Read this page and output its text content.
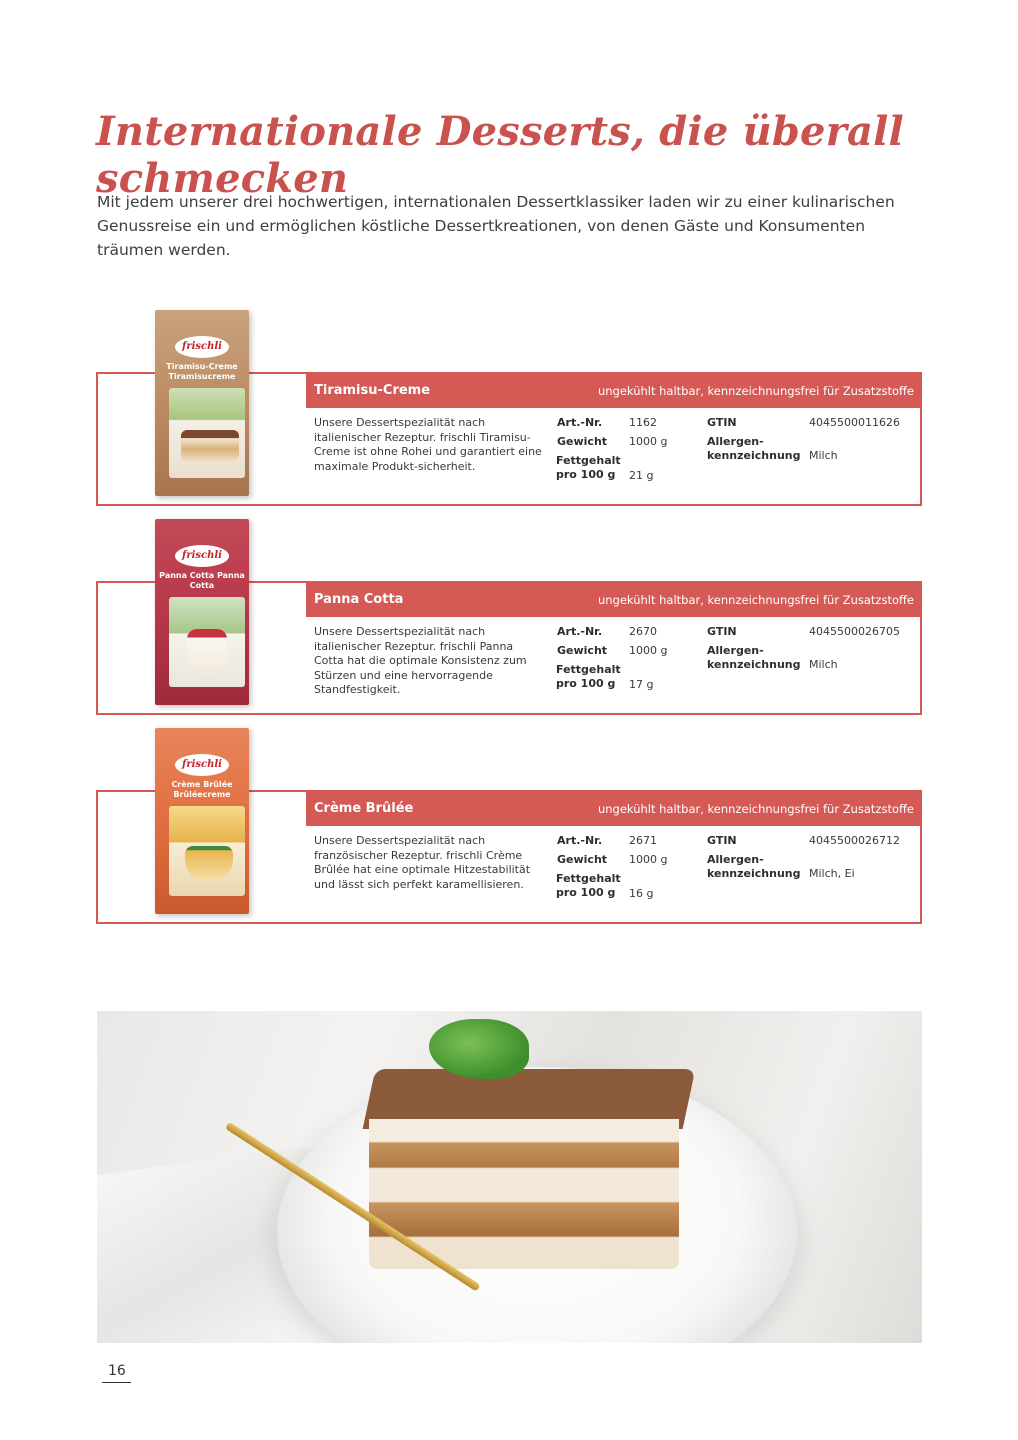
Internationale Desserts, die überall schmecken

Mit jedem unserer drei hochwertigen, internationalen Dessertklassiker laden wir zu einer kulinarischen Genussreise ein und ermöglichen köstliche Dessertkreationen, von denen Gäste und Konsumenten träumen werden.

frischli
Tiramisu-Creme Tiramisucreme
Tiramisu-Creme	ungekühlt haltbar, kennzeichnungsfrei für Zusatzstoffe
Unsere Dessertspezialität nach italienischer Rezeptur. frischli Tiramisu-Creme ist ohne Rohei und garantiert eine maximale Produkt-sicherheit.
Art.-Nr. 1162
Gewicht 1000 g
Fettgehalt pro 100 g	21 g
GTIN	4045500011626
Allergen-kennzeichnung Milch
frischli
Panna Cotta Panna Cotta
Panna Cotta	ungekühlt haltbar, kennzeichnungsfrei für Zusatzstoffe
Unsere Dessertspezialität nach italienischer Rezeptur. frischli Panna Cotta hat die optimale Konsistenz zum Stürzen und eine hervorragende Standfestigkeit.
Art.-Nr. 2670
Gewicht 1000 g
Fettgehalt pro 100 g	17 g
GTIN	4045500026705
Allergen-kennzeichnung Milch
frischli
Crème Brûlée Brûléecreme
Crème Brûlée	ungekühlt haltbar, kennzeichnungsfrei für Zusatzstoffe
Unsere Dessertspezialität nach französischer Rezeptur. frischli Crème Brûlée hat eine optimale Hitzestabilität und lässt sich perfekt karamellisieren.
Art.-Nr. 2671
Gewicht 1000 g
Fettgehalt pro 100 g	16 g
GTIN	4045500026712
Allergen-kennzeichnung Milch, Ei
16
